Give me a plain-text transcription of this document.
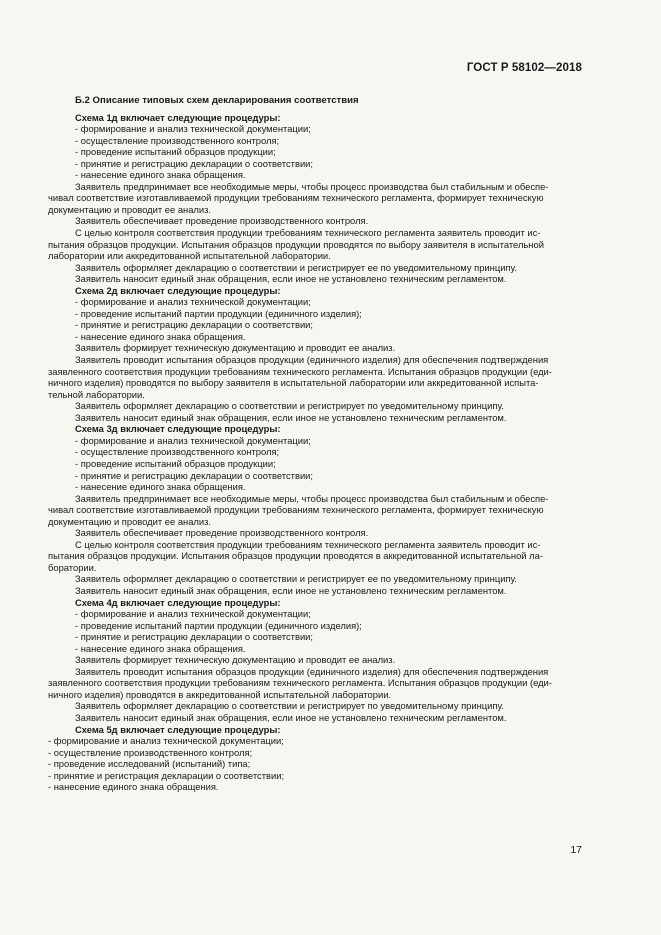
ГОСТ Р 58102—2018
Б.2 Описание типовых схем декларирования соответствия
Схема 1д включает следующие процедуры:
- формирование и анализ технической документации;
- осуществление производственного контроля;
- проведение испытаний образцов продукции;
- принятие и регистрацию декларации о соответствии;
- нанесение единого знака обращения.
Заявитель предпринимает все необходимые меры, чтобы процесс производства был стабильным и обеспе-
чивал соответствие изготавливаемой продукции требованиям технического регламента, формирует техническую
документацию и проводит ее анализ.
Заявитель обеспечивает проведение производственного контроля.
С целью контроля соответствия продукции требованиям технического регламента заявитель проводит ис-
пытания образцов продукции. Испытания образцов продукции проводятся по выбору заявителя в испытательной
лаборатории или аккредитованной испытательной лаборатории.
Заявитель оформляет декларацию о соответствии и регистрирует ее по уведомительному принципу.
Заявитель наносит единый знак обращения, если иное не установлено техническим регламентом.
Схема 2д включает следующие процедуры:
- формирование и анализ технической документации;
- проведение испытаний партии продукции (единичного изделия);
- принятие и регистрацию декларации о соответствии;
- нанесение единого знака обращения.
Заявитель формирует техническую документацию и проводит ее анализ.
Заявитель проводит испытания образцов продукции (единичного изделия) для обеспечения подтверждения
заявленного соответствия продукции требованиям технического регламента. Испытания образцов продукции (еди-
ничного изделия) проводятся по выбору заявителя в испытательной лаборатории или аккредитованной испыта-
тельной лаборатории.
Заявитель оформляет декларацию о соответствии и регистрирует по уведомительному принципу.
Заявитель наносит единый знак обращения, если иное не установлено техническим регламентом.
Схема 3д включает следующие процедуры:
- формирование и анализ технической документации;
- осуществление производственного контроля;
- проведение испытаний образцов продукции;
- принятие и регистрацию декларации о соответствии;
- нанесение единого знака обращения.
Заявитель предпринимает все необходимые меры, чтобы процесс производства был стабильным и обеспе-
чивал соответствие изготавливаемой продукции требованиям технического регламента, формирует техническую
документацию и проводит ее анализ.
Заявитель обеспечивает проведение производственного контроля.
С целью контроля соответствия продукции требованиям технического регламента заявитель проводит ис-
пытания образцов продукции. Испытания образцов продукции проводятся в аккредитованной испытательной ла-
боратории.
Заявитель оформляет декларацию о соответствии и регистрирует ее по уведомительному принципу.
Заявитель наносит единый знак обращения, если иное не установлено техническим регламентом.
Схема 4д включает следующие процедуры:
- формирование и анализ технической документации;
- проведение испытаний партии продукции (единичного изделия);
- принятие и регистрацию декларации о соответствии;
- нанесение единого знака обращения.
Заявитель формирует техническую документацию и проводит ее анализ.
Заявитель проводит испытания образцов продукции (единичного изделия) для обеспечения подтверждения
заявленного соответствия продукции требованиям технического регламента. Испытания образцов продукции (еди-
ничного изделия) проводятся в аккредитованной испытательной лаборатории.
Заявитель оформляет декларацию о соответствии и регистрирует по уведомительному принципу.
Заявитель наносит единый знак обращения, если иное не установлено техническим регламентом.
Схема 5д включает следующие процедуры:
- формирование и анализ технической документации;
- осуществление производственного контроля;
- проведение исследований (испытаний) типа;
- принятие и регистрация декларации о соответствии;
- нанесение единого знака обращения.
17
